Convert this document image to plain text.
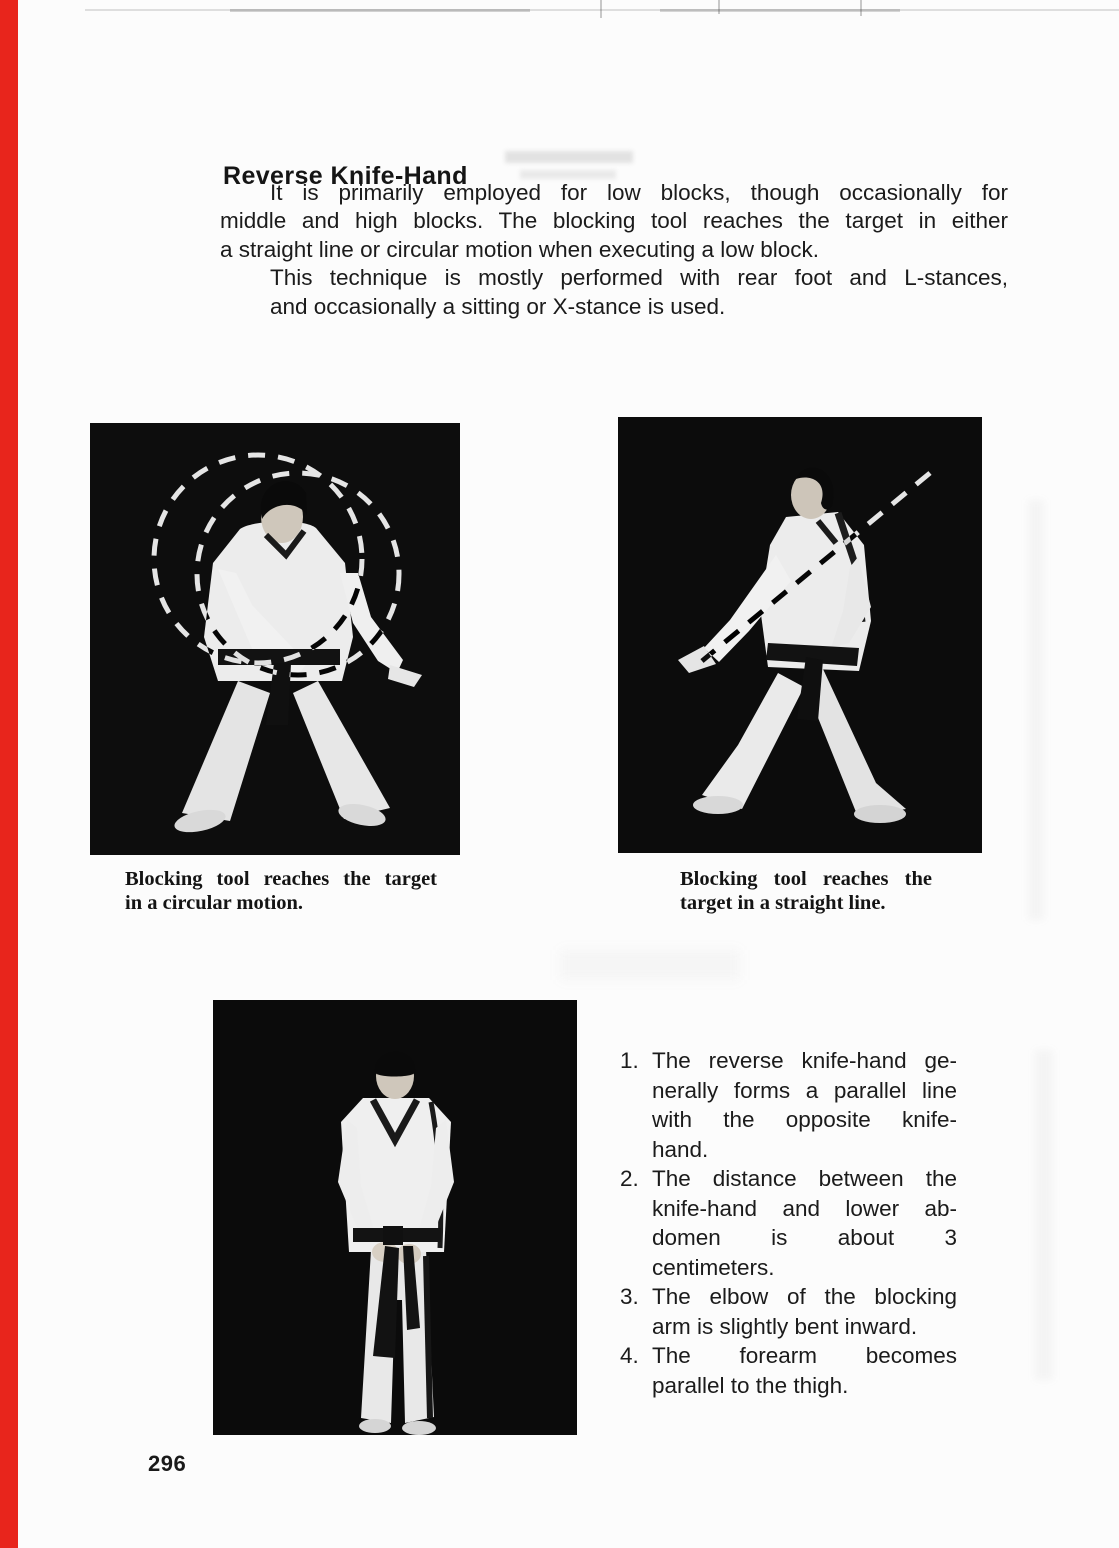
Reverse Knife-Hand
It is primarily employed for low blocks, though occasionally for
middle and high blocks. The blocking tool reaches the target in either
a straight line or circular motion when executing a low block.
This technique is mostly performed with rear foot and L-stances,
and occasionally a sitting or X-stance is used.
Blocking tool reaches the target
in a circular motion.
Blocking tool reaches the
target in a straight line.
1. The reverse knife-hand ge-
nerally forms a parallel line
with the opposite knife-
hand.
2. The distance between the
knife-hand and lower ab-
domen is about 3
centimeters.
3. The elbow of the blocking
arm is slightly bent inward.
4. The forearm becomes
parallel to the thigh.
296
